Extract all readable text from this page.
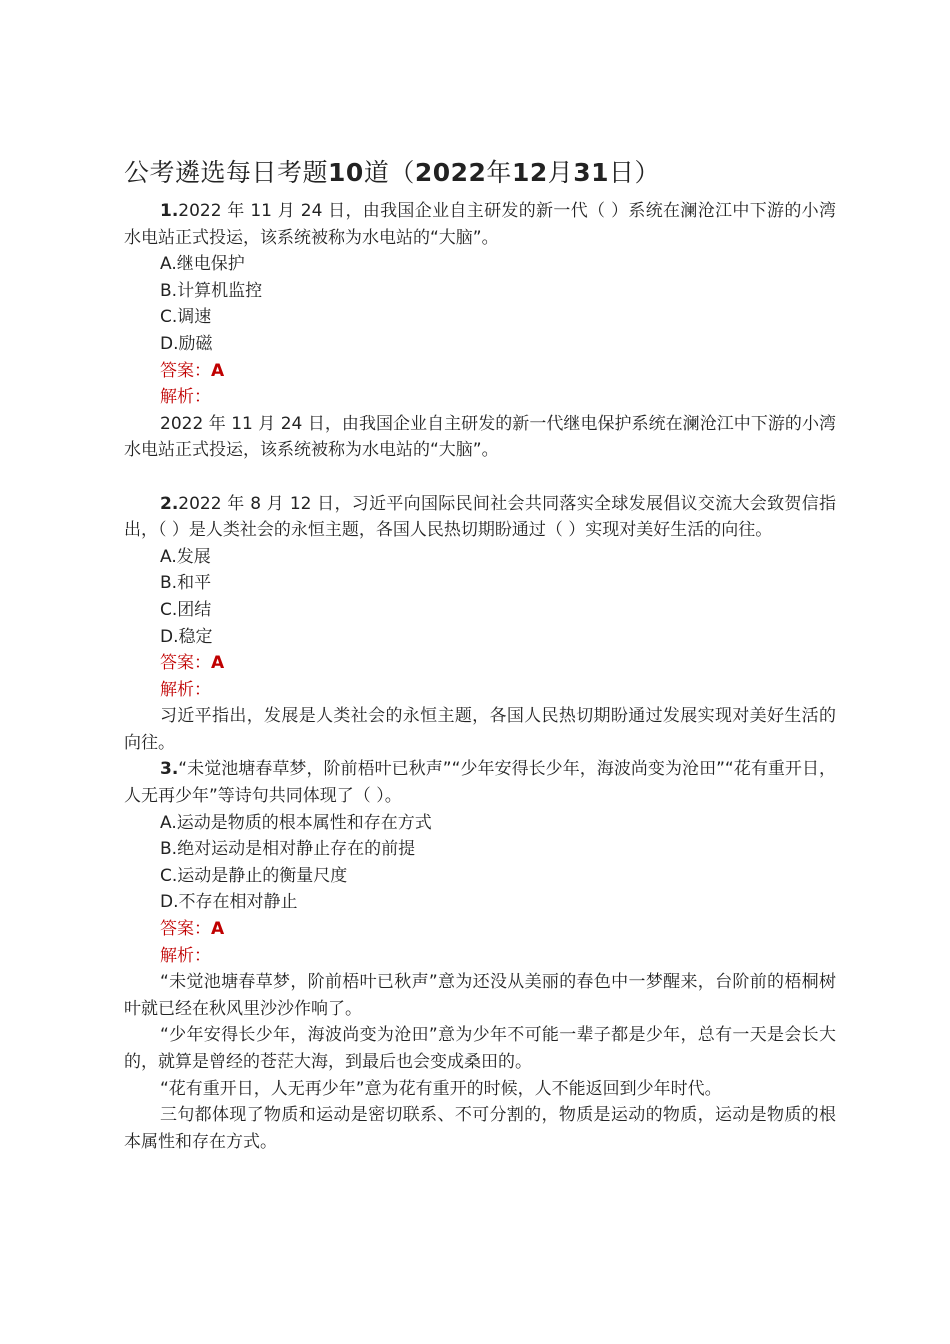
公考遴选每日考题10道（2022年12月31日）

1.2022 年 11 月 24 日，由我国企业自主研发的新一代（ ）系统在澜沧江中下游的小湾水电站正式投运，该系统被称为水电站的“大脑”。

A.继电保护

B.计算机监控

C.调速

D.励磁

答案：A

解析：

2022 年 11 月 24 日，由我国企业自主研发的新一代继电保护系统在澜沧江中下游的小湾水电站正式投运，该系统被称为水电站的“大脑”。

2.2022 年 8 月 12 日，习近平向国际民间社会共同落实全球发展倡议交流大会致贺信指出，（ ）是人类社会的永恒主题，各国人民热切期盼通过（ ）实现对美好生活的向往。

A.发展

B.和平

C.团结

D.稳定

答案：A

解析：

习近平指出，发展是人类社会的永恒主题，各国人民热切期盼通过发展实现对美好生活的向往。

3.“未觉池塘春草梦，阶前梧叶已秋声”“少年安得长少年，海波尚变为沧田”“花有重开日，人无再少年”等诗句共同体现了（ ）。

A.运动是物质的根本属性和存在方式

B.绝对运动是相对静止存在的前提

C.运动是静止的衡量尺度

D.不存在相对静止

答案：A

解析：

“未觉池塘春草梦，阶前梧叶已秋声”意为还没从美丽的春色中一梦醒来，台阶前的梧桐树叶就已经在秋风里沙沙作响了。

“少年安得长少年，海波尚变为沧田”意为少年不可能一辈子都是少年，总有一天是会长大的，就算是曾经的苍茫大海，到最后也会变成桑田的。

“花有重开日，人无再少年”意为花有重开的时候，人不能返回到少年时代。

三句都体现了物质和运动是密切联系、不可分割的，物质是运动的物质，运动是物质的根本属性和存在方式。
